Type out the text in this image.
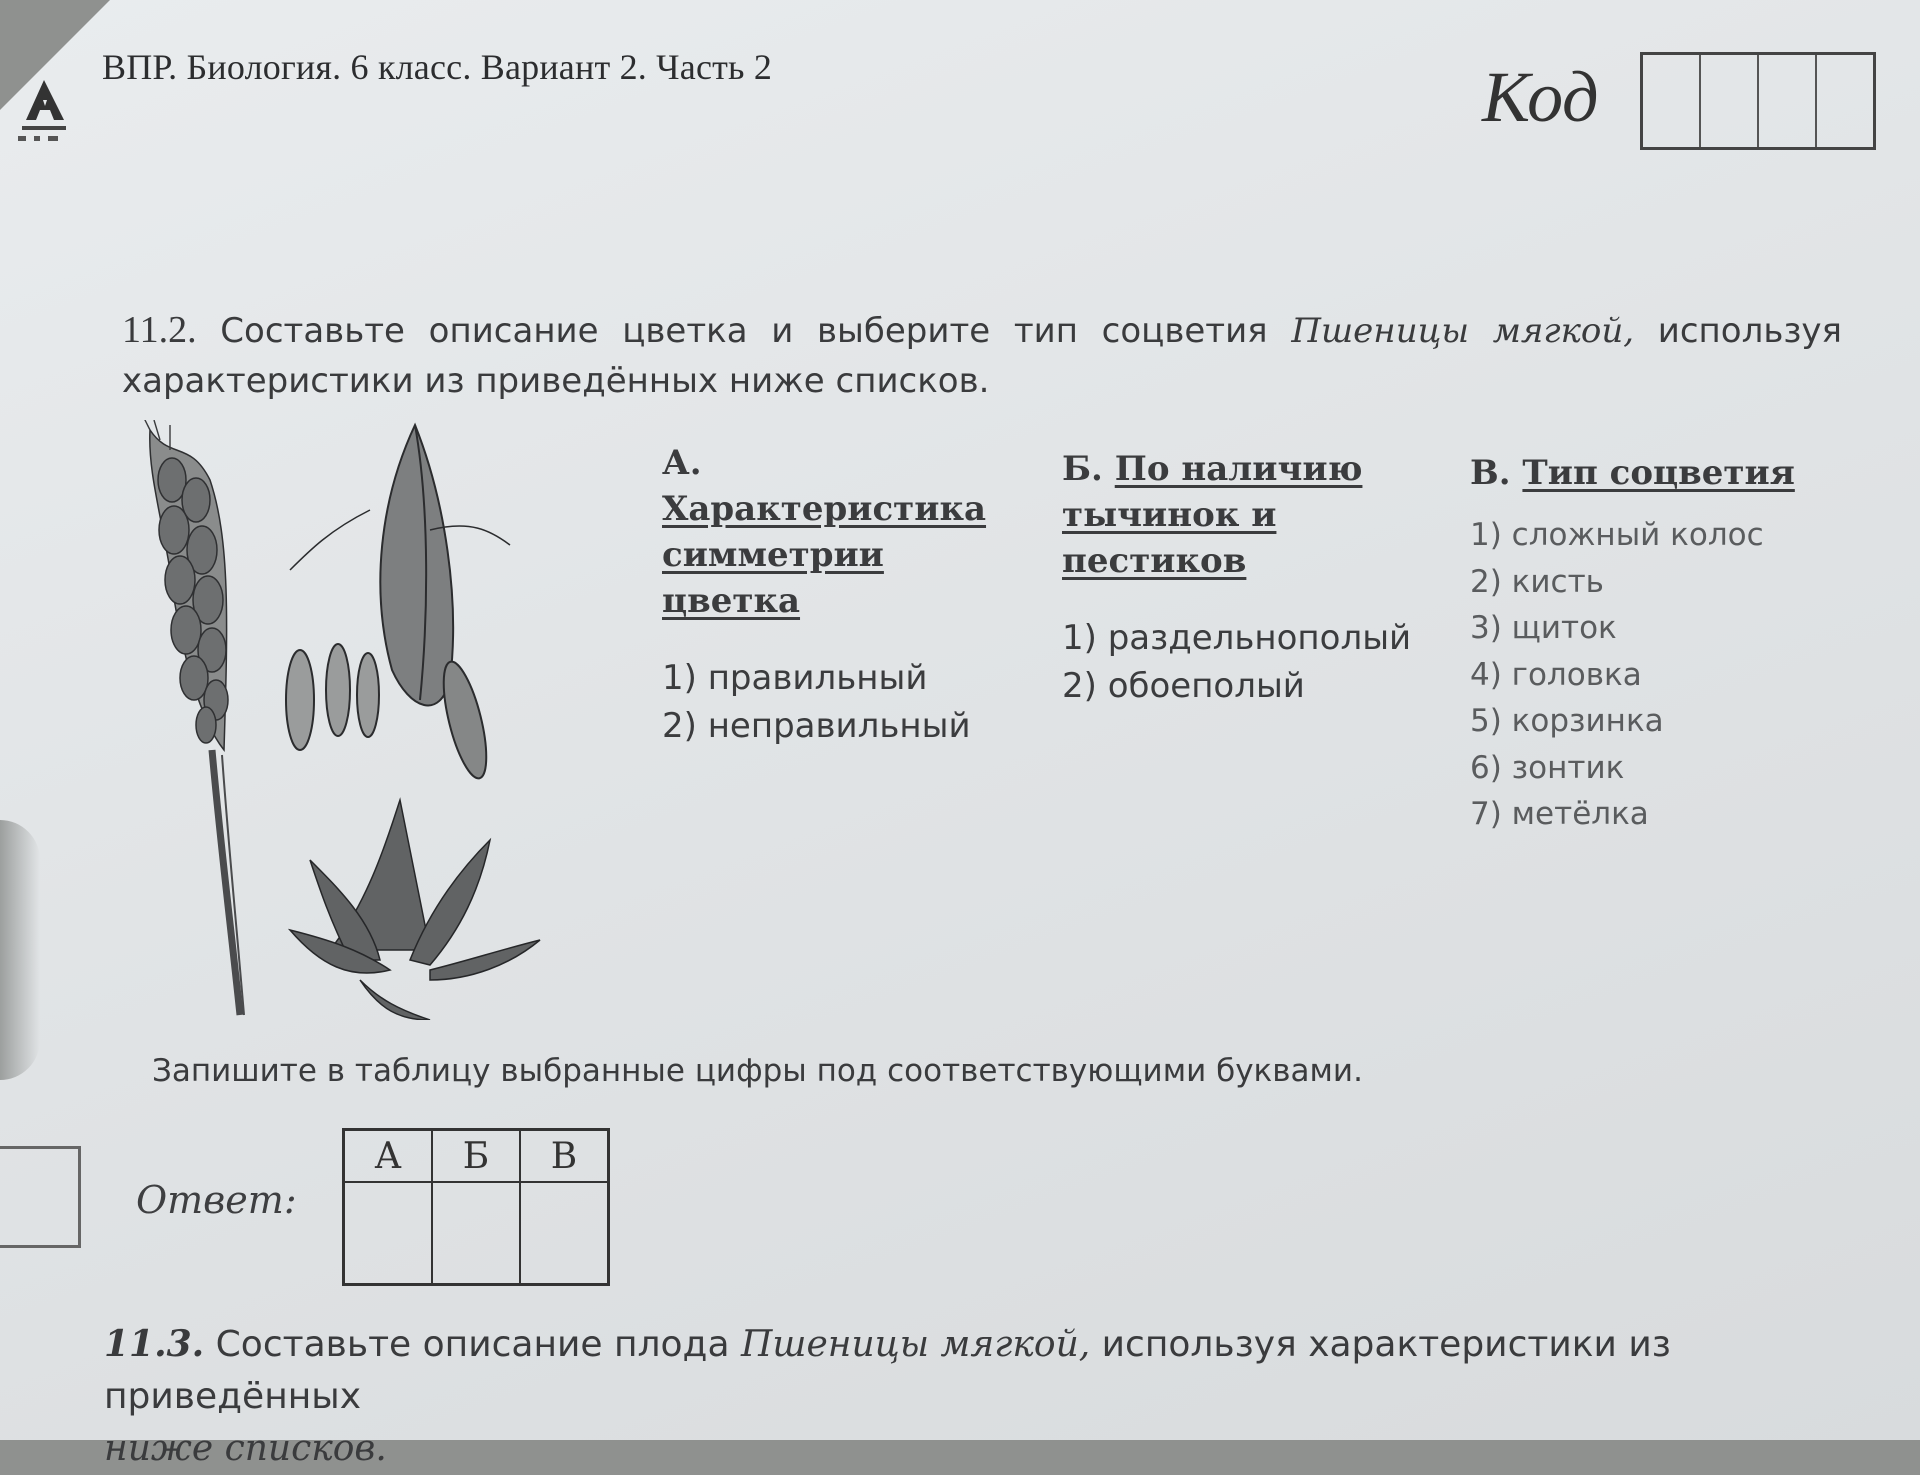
ВПР. Биология. 6 класс. Вариант 2. Часть 2	Код
11.2. Составьте описание цветка и выберите тип соцветия Пшеницы мягкой, используя характеристики из приведённых ниже списков.
А. Характеристика симметрии цветка
1) правильный
2) неправильный
Б. По наличию тычинок и пестиков
1) раздельнополый
2) обоеполый
В. Тип соцветия
1) сложный колос
2) кисть
3) щиток
4) головка
5) корзинка
6) зонтик
7) метёлка
Запишите в таблицу выбранные цифры под соответствующими буквами.
Ответ:
А	Б	В

11.3. Составьте описание плода Пшеницы мягкой, используя характеристики из приведённых
ниже списков.
